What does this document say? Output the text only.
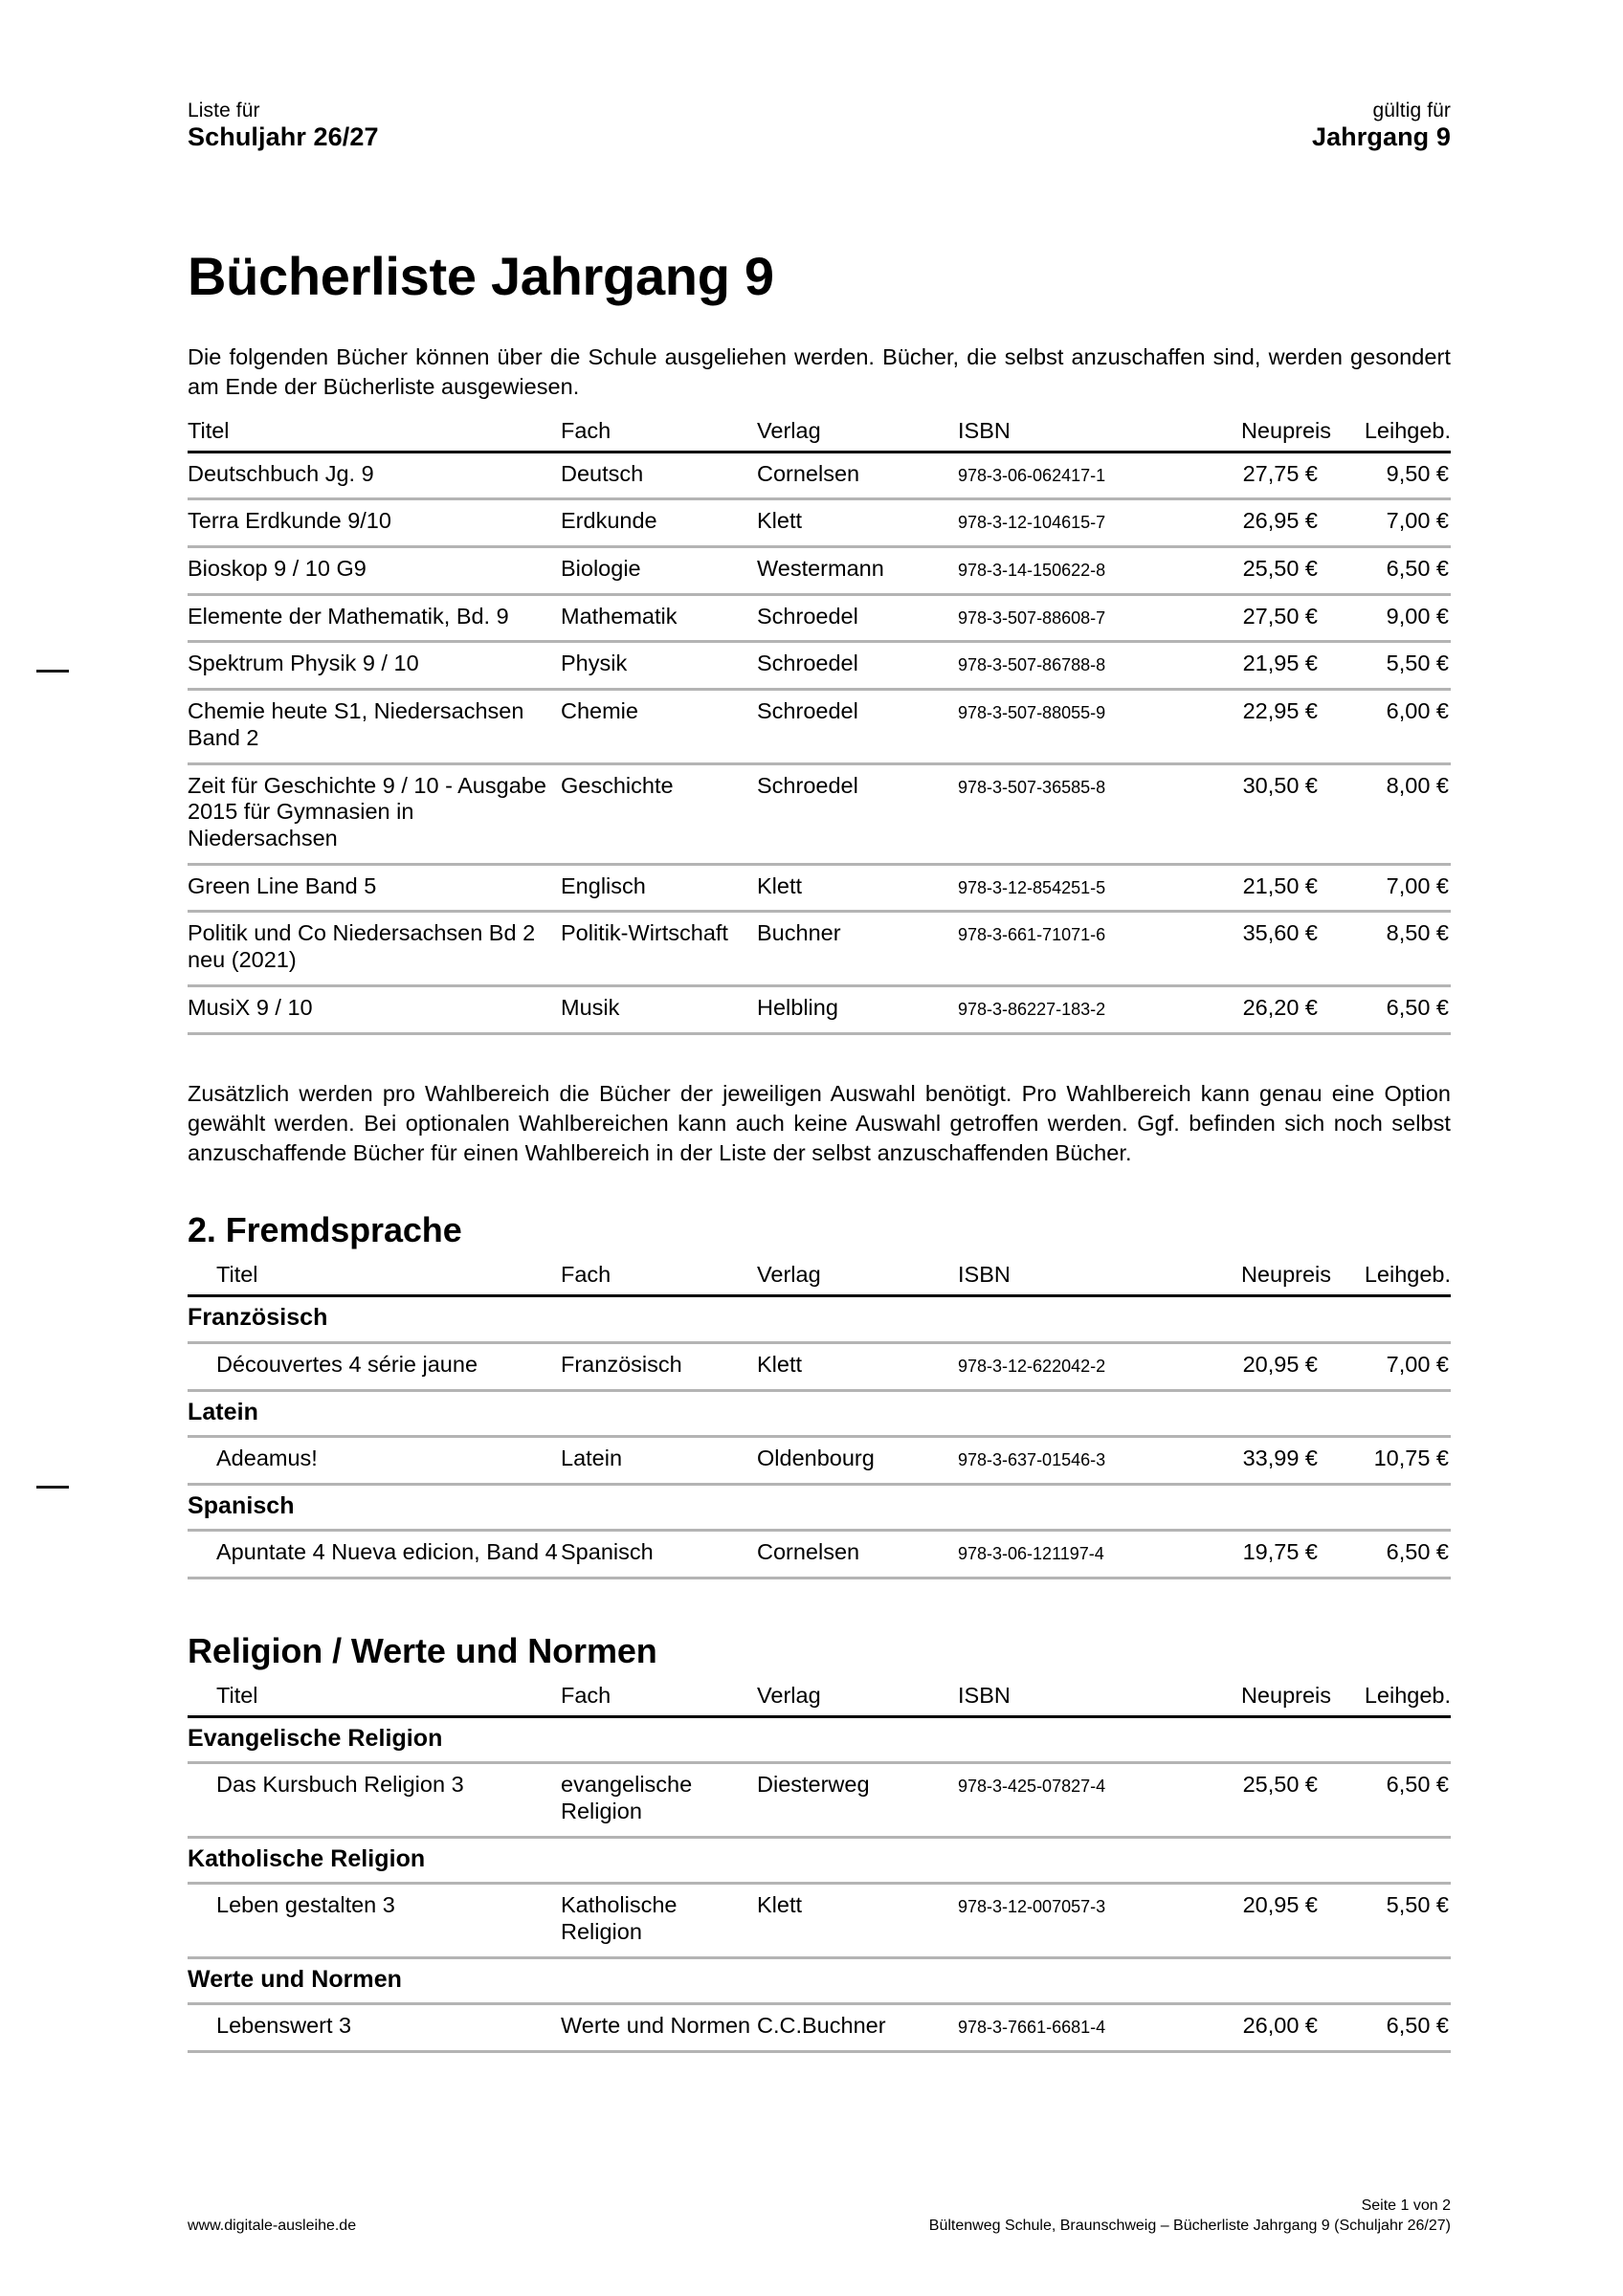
Liste für
Schuljahr 26/27
gültig für
Jahrgang 9
Bücherliste Jahrgang 9

Die folgenden Bücher können über die Schule ausgeliehen werden. Bücher, die selbst anzuschaffen sind, werden gesondert am Ende der Bücherliste ausgewiesen.

Titel	Fach	Verlag	ISBN	Neupreis	Leihgeb.
Deutschbuch Jg. 9	Deutsch	Cornelsen	978-3-06-062417-1	27,75 €	9,50 €
Terra Erdkunde 9/10	Erdkunde	Klett	978-3-12-104615-7	26,95 €	7,00 €
Bioskop 9 / 10 G9	Biologie	Westermann	978-3-14-150622-8	25,50 €	6,50 €
Elemente der Mathematik, Bd. 9	Mathematik	Schroedel	978-3-507-88608-7	27,50 €	9,00 €
Spektrum Physik 9 / 10	Physik	Schroedel	978-3-507-86788-8	21,95 €	5,50 €
Chemie heute S1, Niedersachsen Band 2	Chemie	Schroedel	978-3-507-88055-9	22,95 €	6,00 €
Zeit für Geschichte 9 / 10 - Ausgabe 2015 für Gymnasien in Niedersachsen	Geschichte	Schroedel	978-3-507-36585-8	30,50 €	8,00 €
Green Line Band 5	Englisch	Klett	978-3-12-854251-5	21,50 €	7,00 €
Politik und Co Niedersachsen Bd 2 neu (2021)	Politik-Wirtschaft	Buchner	978-3-661-71071-6	35,60 €	8,50 €
MusiX 9 / 10	Musik	Helbling	978-3-86227-183-2	26,20 €	6,50 €

Zusätzlich werden pro Wahlbereich die Bücher der jeweiligen Auswahl benötigt. Pro Wahlbereich kann genau eine Option gewählt werden. Bei optionalen Wahlbereichen kann auch keine Auswahl getroffen werden. Ggf. befinden sich noch selbst anzuschaffende Bücher für einen Wahlbereich in der Liste der selbst anzuschaffenden Bücher.

2. Fremdsprache
Titel	Fach	Verlag	ISBN	Neupreis	Leihgeb.
Französisch					
Découvertes 4 série jaune	Französisch	Klett	978-3-12-622042-2	20,95 €	7,00 €
Latein					
Adeamus!	Latein	Oldenbourg	978-3-637-01546-3	33,99 €	10,75 €
Spanisch					
Apuntate 4 Nueva edicion, Band 4	Spanisch	Cornelsen	978-3-06-121197-4	19,75 €	6,50 €
Religion / Werte und Normen
Titel	Fach	Verlag	ISBN	Neupreis	Leihgeb.
Evangelische Religion					
Das Kursbuch Religion 3	evangelische Religion	Diesterweg	978-3-425-07827-4	25,50 €	6,50 €
Katholische Religion					
Leben gestalten 3	Katholische Religion	Klett	978-3-12-007057-3	20,95 €	5,50 €
Werte und Normen					
Lebenswert 3	Werte und Normen	C.C.Buchner	978-3-7661-6681-4	26,00 €	6,50 €
www.digitale-ausleihe.de
Seite 1 von 2
Bültenweg Schule, Braunschweig – Bücherliste Jahrgang 9 (Schuljahr 26/27)
